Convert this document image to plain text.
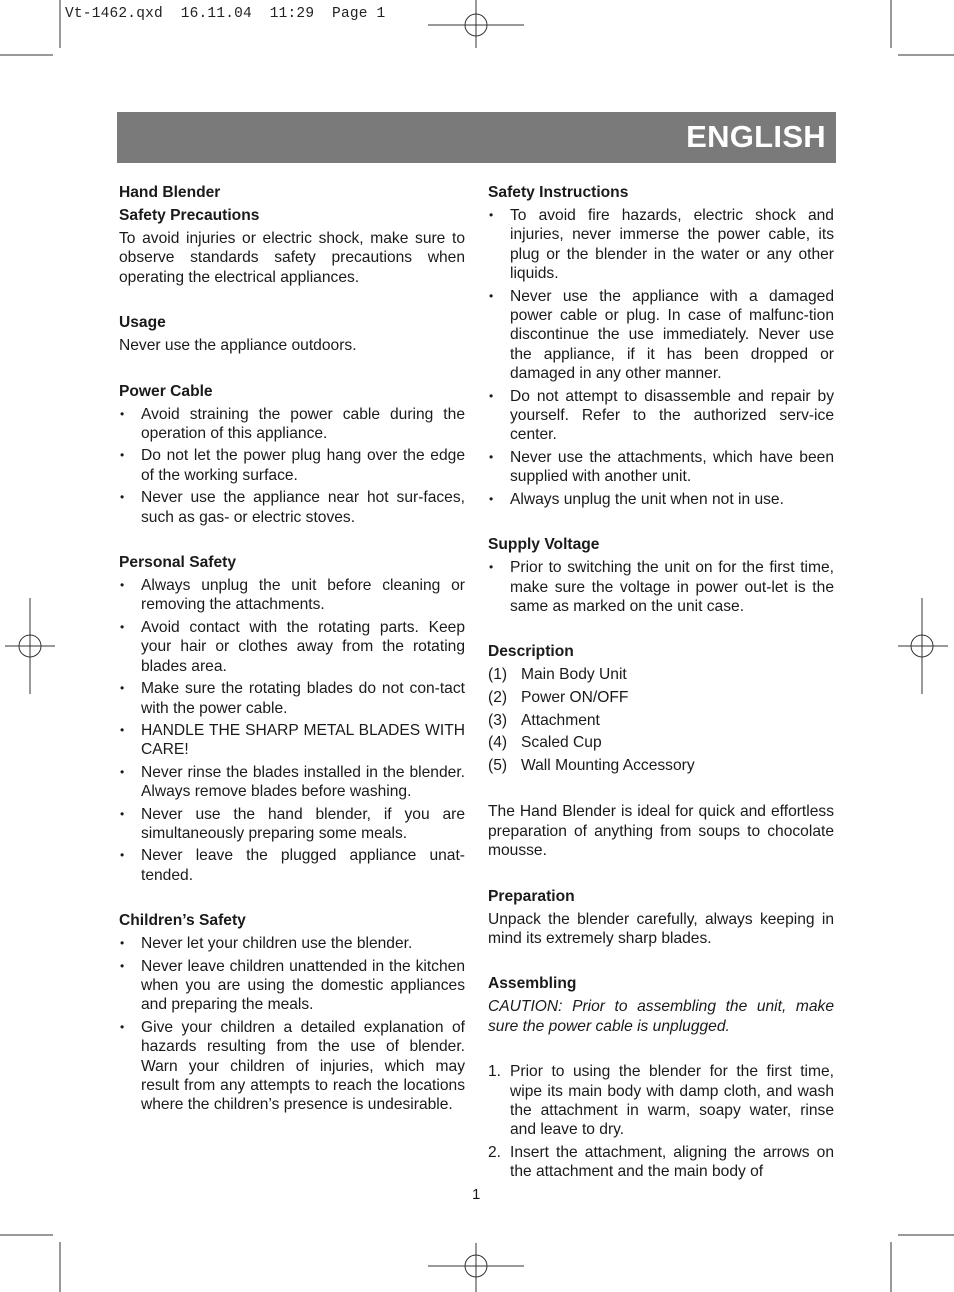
Vt-1462.qxd  16.11.04  11:29  Page 1
ENGLISH
Hand Blender
Safety Precautions

To avoid injuries or electric shock, make sure to observe standards safety precautions when operating the electrical appliances.

Usage

Never use the appliance outdoors.

Power Cable
• Avoid straining the power cable during the operation of this appliance.
• Do not let the power plug hang over the edge of the working surface.
• Never use the appliance near hot sur-faces, such as gas- or electric stoves.
Personal Safety
• Always unplug the unit before cleaning or removing the attachments.
• Avoid contact with the rotating parts. Keep your hair or clothes away from the rotating blades area.
• Make sure the rotating blades do not con-tact with the power cable.
• HANDLE THE SHARP METAL BLADES WITH CARE!
• Never rinse the blades installed in the blender. Always remove blades before washing.
• Never use the hand blender, if you are simultaneously preparing some meals.
• Never leave the plugged appliance unat-tended.
Children’s Safety
• Never let your children use the blender.
• Never leave children unattended in the kitchen when you are using the domestic appliances and preparing the meals.
• Give your children a detailed explanation of hazards resulting from the use of blender. Warn your children of injuries, which may result from any attempts to reach the locations where the children’s presence is undesirable.
Safety Instructions
• To avoid fire hazards, electric shock and injuries, never immerse the power cable, its plug or the blender in the water or any other liquids.
• Never use the appliance with a damaged power cable or plug. In case of malfunc-tion discontinue the use immediately. Never use the appliance, if it has been dropped or damaged in any other manner.
• Do not attempt to disassemble and repair by yourself. Refer to the authorized serv-ice center.
• Never use the attachments, which have been supplied with another unit.
• Always unplug the unit when not in use.
Supply Voltage
• Prior to switching the unit on for the first time, make sure the voltage in power out-let is the same as marked on the unit case.
Description
(1) Main Body Unit
(2) Power ON/OFF
(3) Attachment
(4) Scaled Cup
(5) Wall Mounting Accessory

The Hand Blender is ideal for quick and effortless preparation of anything from soups to chocolate mousse.

Preparation

Unpack the blender carefully, always keeping in mind its extremely sharp blades.

Assembling

CAUTION: Prior to assembling the unit, make sure the power cable is unplugged.

1. Prior to using the blender for the first time, wipe its main body with damp cloth, and wash the attachment in warm, soapy water, rinse and leave to dry.
2. Insert the attachment, aligning the arrows on the attachment and the main body of
1
